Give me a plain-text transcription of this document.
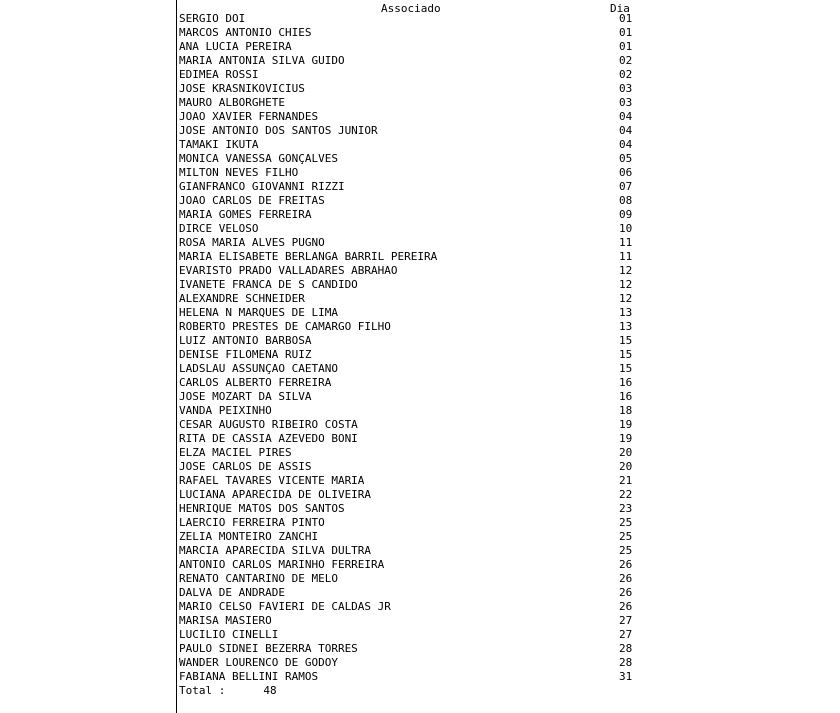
Associado	Dia
SERGIO DOI	01
MARCOS ANTONIO CHIES	01
ANA LUCIA PEREIRA	01
MARIA ANTONIA SILVA GUIDO	02
EDIMEA ROSSI	02
JOSE KRASNIKOVICIUS	03
MAURO ALBORGHETE	03
JOAO XAVIER FERNANDES	04
JOSE ANTONIO DOS SANTOS JUNIOR	04
TAMAKI IKUTA	04
MONICA VANESSA GONÇALVES	05
MILTON NEVES FILHO	06
GIANFRANCO GIOVANNI RIZZI	07
JOAO CARLOS DE FREITAS	08
MARIA GOMES FERREIRA	09
DIRCE VELOSO	10
ROSA MARIA ALVES PUGNO	11
MARIA ELISABETE BERLANGA BARRIL PEREIRA	11
EVARISTO PRADO VALLADARES ABRAHAO	12
IVANETE FRANCA DE S CANDIDO	12
ALEXANDRE SCHNEIDER	12
HELENA N MARQUES DE LIMA	13
ROBERTO PRESTES DE CAMARGO FILHO	13
LUIZ ANTONIO BARBOSA	15
DENISE FILOMENA RUIZ	15
LADSLAU ASSUNÇAO CAETANO	15
CARLOS ALBERTO FERREIRA	16
JOSE MOZART DA SILVA	16
VANDA PEIXINHO	18
CESAR AUGUSTO RIBEIRO COSTA	19
RITA DE CASSIA AZEVEDO BONI	19
ELZA MACIEL PIRES	20
JOSE CARLOS DE ASSIS	20
RAFAEL TAVARES VICENTE MARIA	21
LUCIANA APARECIDA DE OLIVEIRA	22
HENRIQUE MATOS DOS SANTOS	23
LAERCIO FERREIRA PINTO	25
ZELIA MONTEIRO ZANCHI	25
MARCIA APARECIDA SILVA DULTRA	25
ANTONIO CARLOS MARINHO FERREIRA	26
RENATO CANTARINO DE MELO	26
DALVA DE ANDRADE	26
MARIO CELSO FAVIERI DE CALDAS JR	26
MARISA MASIERO	27
LUCILIO CINELLI	27
PAULO SIDNEI BEZERRA TORRES	28
WANDER LOURENCO DE GODOY	28
FABIANA BELLINI RAMOS	31
Total :	48
